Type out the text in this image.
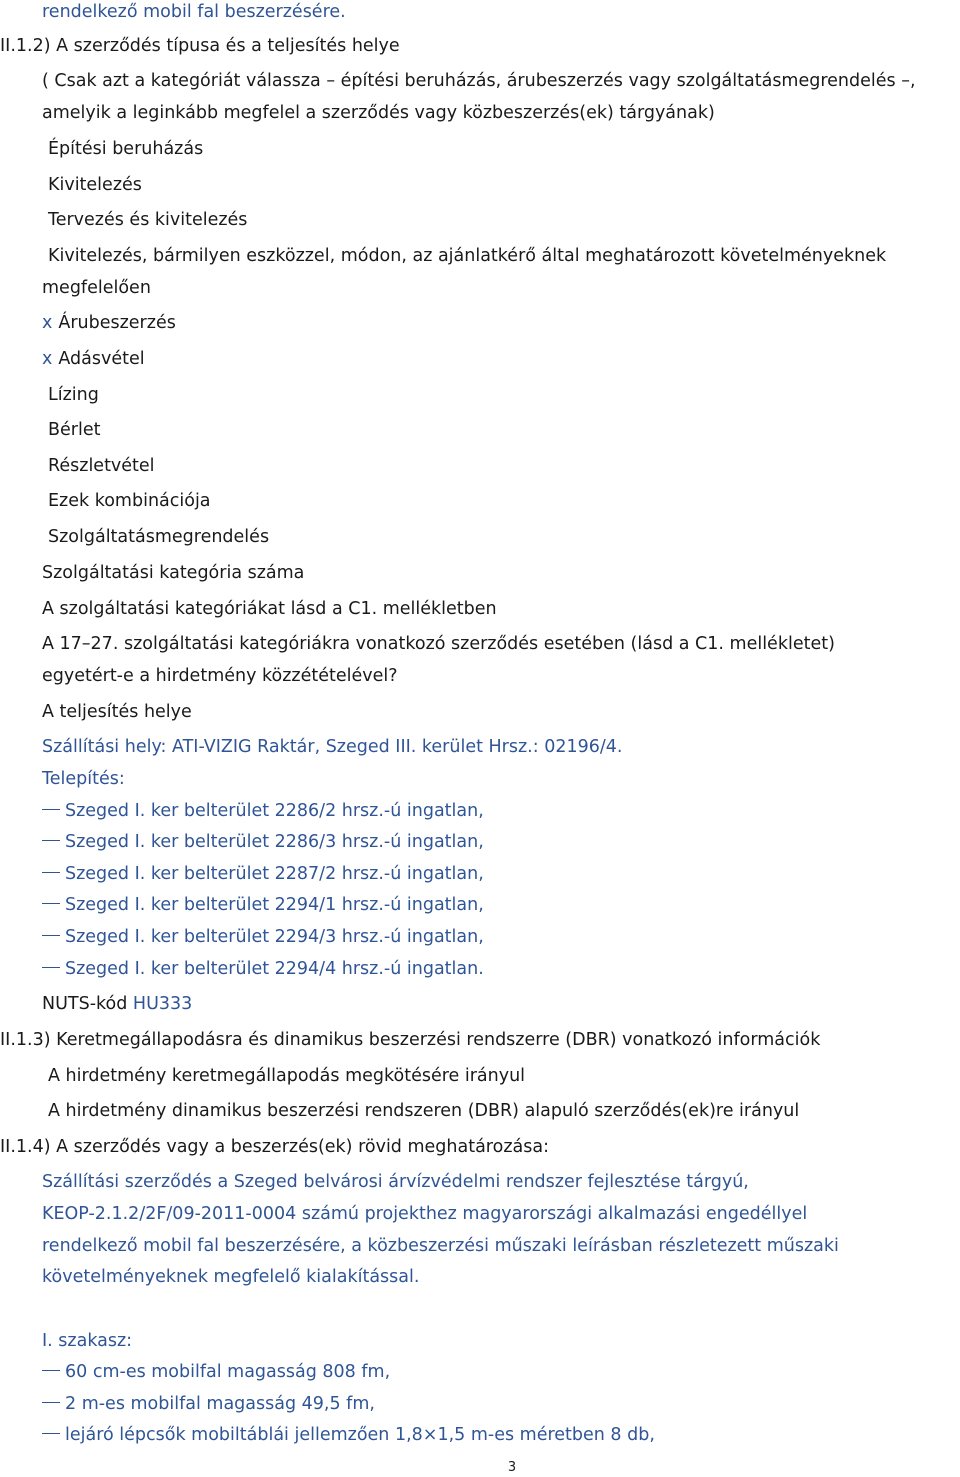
rendelkező mobil fal beszerzésére.
II.1.2) A szerződés típusa és a teljesítés helye
( Csak azt a kategóriát válassza – építési beruházás, árubeszerzés vagy szolgáltatásmegrendelés –,
amelyik a leginkább megfelel a szerződés vagy közbeszerzés(ek) tárgyának)
Építési beruházás
Kivitelezés
Tervezés és kivitelezés
Kivitelezés, bármilyen eszközzel, módon, az ajánlatkérő által meghatározott követelményeknek
megfelelően
x Árubeszerzés
x Adásvétel
Lízing
Bérlet
Részletvétel
Ezek kombinációja
Szolgáltatásmegrendelés
Szolgáltatási kategória száma
A szolgáltatási kategóriákat lásd a C1. mellékletben
A 17–27. szolgáltatási kategóriákra vonatkozó szerződés esetében (lásd a C1. mellékletet)
egyetért-e a hirdetmény közzétételével?
A teljesítés helye
Szállítási hely: ATI-VIZIG Raktár, Szeged III. kerület Hrsz.: 02196/4.
Telepítés:
Szeged I. ker belterület 2286/2 hrsz.-ú ingatlan,
Szeged I. ker belterület 2286/3 hrsz.-ú ingatlan,
Szeged I. ker belterület 2287/2 hrsz.-ú ingatlan,
Szeged I. ker belterület 2294/1 hrsz.-ú ingatlan,
Szeged I. ker belterület 2294/3 hrsz.-ú ingatlan,
Szeged I. ker belterület 2294/4 hrsz.-ú ingatlan.
NUTS-kód HU333
II.1.3) Keretmegállapodásra és dinamikus beszerzési rendszerre (DBR) vonatkozó információk
A hirdetmény keretmegállapodás megkötésére irányul
A hirdetmény dinamikus beszerzési rendszeren (DBR) alapuló szerződés(ek)re irányul
II.1.4) A szerződés vagy a beszerzés(ek) rövid meghatározása:
Szállítási szerződés a Szeged belvárosi árvízvédelmi rendszer fejlesztése tárgyú,
KEOP-2.1.2/2F/09-2011-0004 számú projekthez magyarországi alkalmazási engedéllyel
rendelkező mobil fal beszerzésére, a közbeszerzési műszaki leírásban részletezett műszaki
követelményeknek megfelelő kialakítással.
I. szakasz:
60 cm-es mobilfal magasság 808 fm,
2 m-es mobilfal magasság 49,5 fm,
lejáró lépcsők mobiltáblái jellemzően 1,8×1,5 m-es méretben 8 db,
3
